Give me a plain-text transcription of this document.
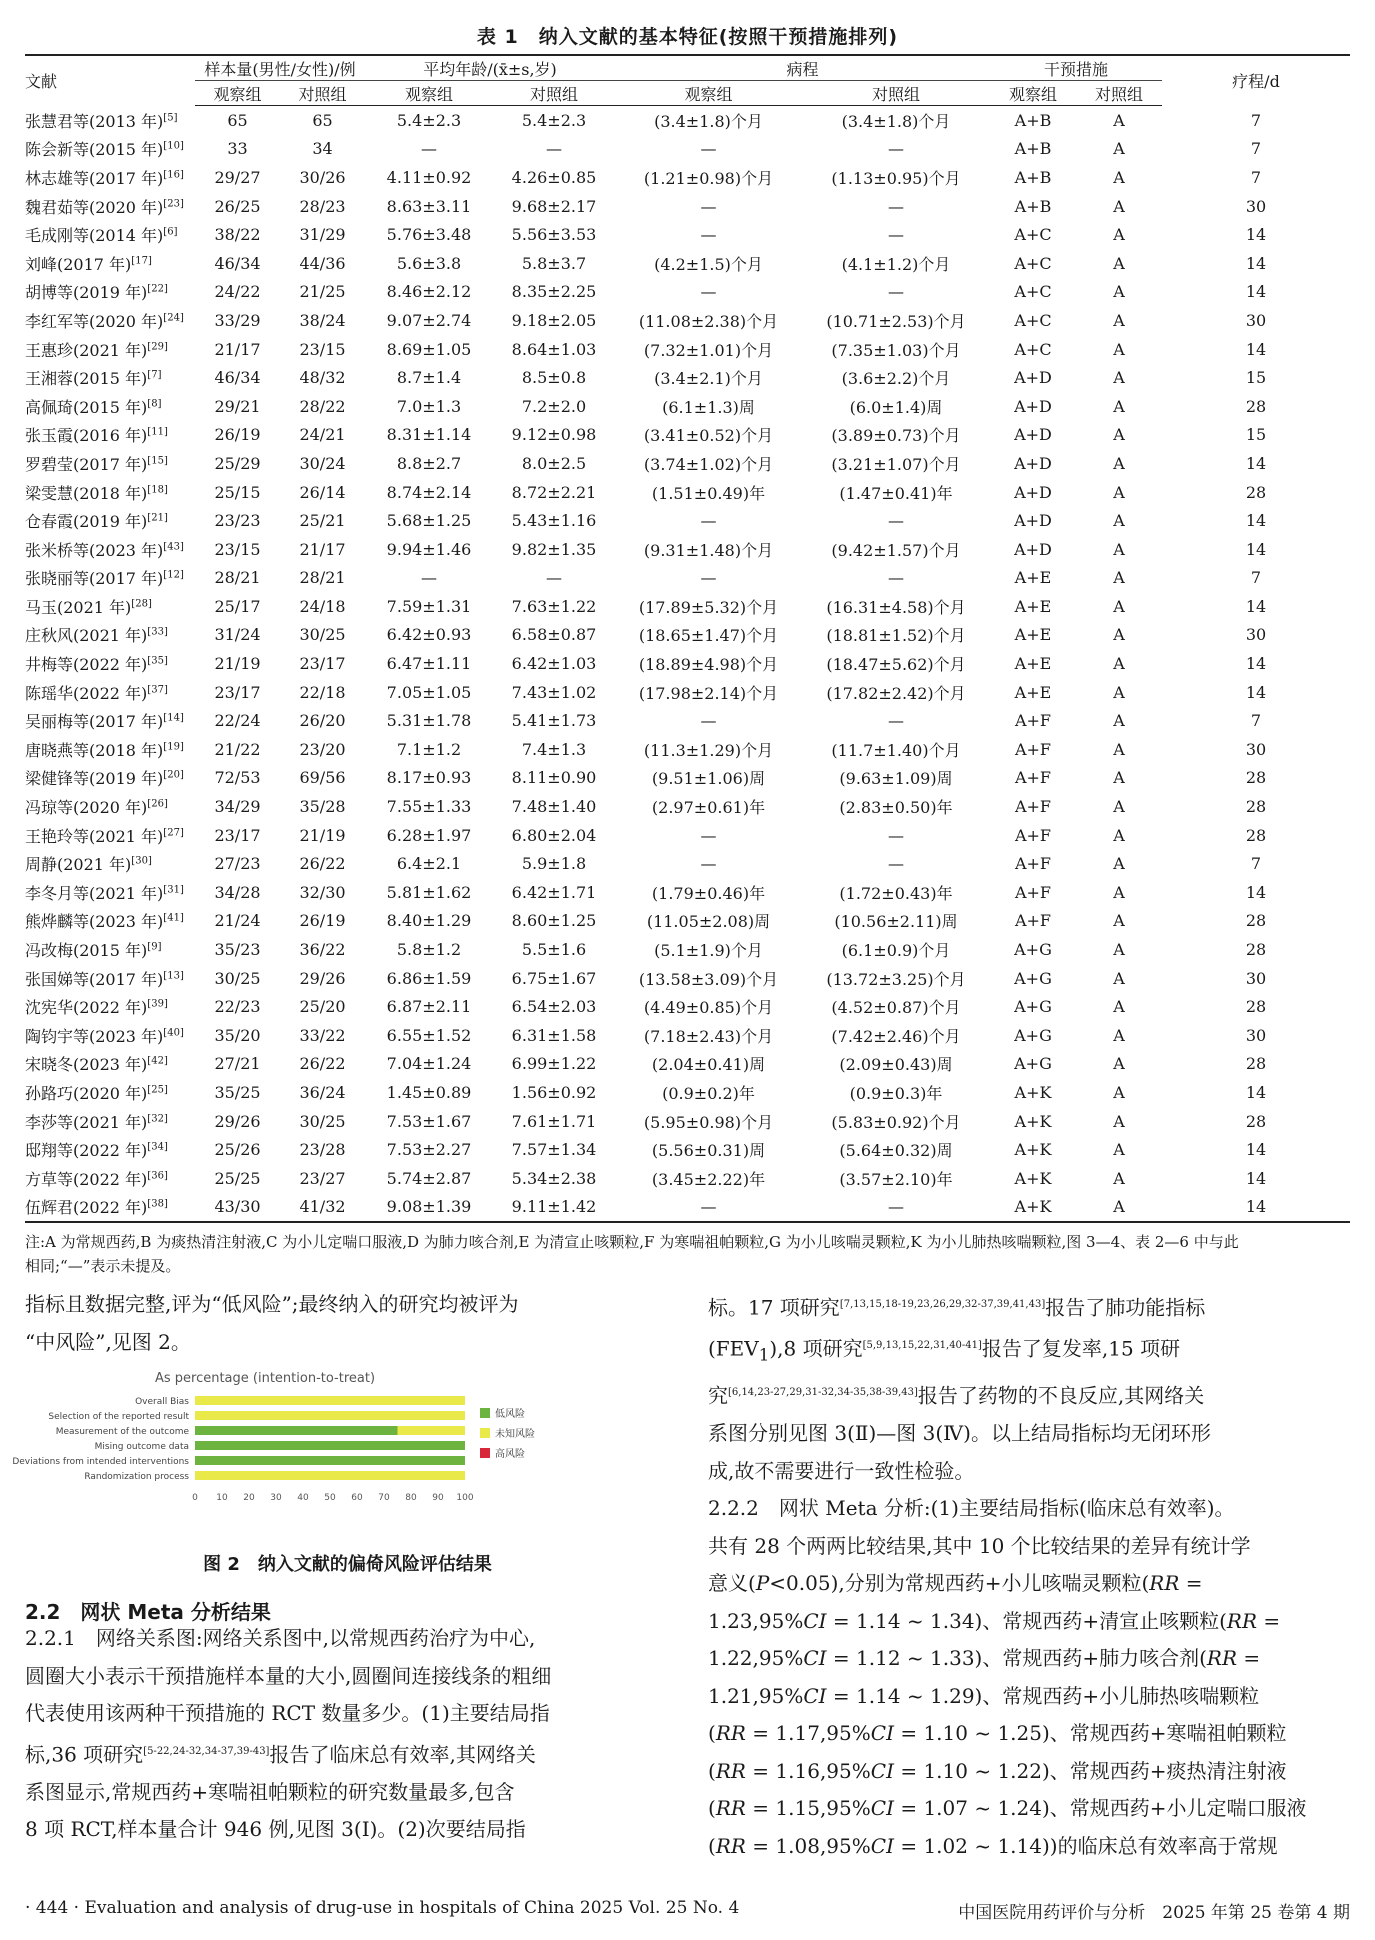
表 1　纳入文献的基本特征(按照干预措施排列)
文献	样本量(男性/女性)/例		平均年龄/(x̄±s,岁)		病程		干预措施		疗程/d
	观察组	对照组	观察组	对照组	观察组	对照组	观察组	对照组	
张慧君等(2013 年)[5]	65	65	5.4±2.3	5.4±2.3	(3.4±1.8)个月	(3.4±1.8)个月	A+B	A	7
陈会新等(2015 年)[10]	33	34	—	—	—	—	A+B	A	7
林志雄等(2017 年)[16]	29/27	30/26	4.11±0.92	4.26±0.85	(1.21±0.98)个月	(1.13±0.95)个月	A+B	A	7
魏君茹等(2020 年)[23]	26/25	28/23	8.63±3.11	9.68±2.17	—	—	A+B	A	30
毛成刚等(2014 年)[6]	38/22	31/29	5.76±3.48	5.56±3.53	—	—	A+C	A	14
刘峰(2017 年)[17]	46/34	44/36	5.6±3.8	5.8±3.7	(4.2±1.5)个月	(4.1±1.2)个月	A+C	A	14
胡博等(2019 年)[22]	24/22	21/25	8.46±2.12	8.35±2.25	—	—	A+C	A	14
李红军等(2020 年)[24]	33/29	38/24	9.07±2.74	9.18±2.05	(11.08±2.38)个月	(10.71±2.53)个月	A+C	A	30
王惠珍(2021 年)[29]	21/17	23/15	8.69±1.05	8.64±1.03	(7.32±1.01)个月	(7.35±1.03)个月	A+C	A	14
王湘蓉(2015 年)[7]	46/34	48/32	8.7±1.4	8.5±0.8	(3.4±2.1)个月	(3.6±2.2)个月	A+D	A	15
高佩琦(2015 年)[8]	29/21	28/22	7.0±1.3	7.2±2.0	(6.1±1.3)周	(6.0±1.4)周	A+D	A	28
张玉霞(2016 年)[11]	26/19	24/21	8.31±1.14	9.12±0.98	(3.41±0.52)个月	(3.89±0.73)个月	A+D	A	15
罗碧莹(2017 年)[15]	25/29	30/24	8.8±2.7	8.0±2.5	(3.74±1.02)个月	(3.21±1.07)个月	A+D	A	14
梁雯慧(2018 年)[18]	25/15	26/14	8.74±2.14	8.72±2.21	(1.51±0.49)年	(1.47±0.41)年	A+D	A	28
仓春霞(2019 年)[21]	23/23	25/21	5.68±1.25	5.43±1.16	—	—	A+D	A	14
张米桥等(2023 年)[43]	23/15	21/17	9.94±1.46	9.82±1.35	(9.31±1.48)个月	(9.42±1.57)个月	A+D	A	14
张晓丽等(2017 年)[12]	28/21	28/21	—	—	—	—	A+E	A	7
马玉(2021 年)[28]	25/17	24/18	7.59±1.31	7.63±1.22	(17.89±5.32)个月	(16.31±4.58)个月	A+E	A	14
庄秋风(2021 年)[33]	31/24	30/25	6.42±0.93	6.58±0.87	(18.65±1.47)个月	(18.81±1.52)个月	A+E	A	30
井梅等(2022 年)[35]	21/19	23/17	6.47±1.11	6.42±1.03	(18.89±4.98)个月	(18.47±5.62)个月	A+E	A	14
陈瑶华(2022 年)[37]	23/17	22/18	7.05±1.05	7.43±1.02	(17.98±2.14)个月	(17.82±2.42)个月	A+E	A	14
吴丽梅等(2017 年)[14]	22/24	26/20	5.31±1.78	5.41±1.73	—	—	A+F	A	7
唐晓燕等(2018 年)[19]	21/22	23/20	7.1±1.2	7.4±1.3	(11.3±1.29)个月	(11.7±1.40)个月	A+F	A	30
梁健锋等(2019 年)[20]	72/53	69/56	8.17±0.93	8.11±0.90	(9.51±1.06)周	(9.63±1.09)周	A+F	A	28
冯琼等(2020 年)[26]	34/29	35/28	7.55±1.33	7.48±1.40	(2.97±0.61)年	(2.83±0.50)年	A+F	A	28
王艳玲等(2021 年)[27]	23/17	21/19	6.28±1.97	6.80±2.04	—	—	A+F	A	28
周静(2021 年)[30]	27/23	26/22	6.4±2.1	5.9±1.8	—	—	A+F	A	7
李冬月等(2021 年)[31]	34/28	32/30	5.81±1.62	6.42±1.71	(1.79±0.46)年	(1.72±0.43)年	A+F	A	14
熊烨麟等(2023 年)[41]	21/24	26/19	8.40±1.29	8.60±1.25	(11.05±2.08)周	(10.56±2.11)周	A+F	A	28
冯改梅(2015 年)[9]	35/23	36/22	5.8±1.2	5.5±1.6	(5.1±1.9)个月	(6.1±0.9)个月	A+G	A	28
张国娣等(2017 年)[13]	30/25	29/26	6.86±1.59	6.75±1.67	(13.58±3.09)个月	(13.72±3.25)个月	A+G	A	30
沈宪华(2022 年)[39]	22/23	25/20	6.87±2.11	6.54±2.03	(4.49±0.85)个月	(4.52±0.87)个月	A+G	A	28
陶钧宇等(2023 年)[40]	35/20	33/22	6.55±1.52	6.31±1.58	(7.18±2.43)个月	(7.42±2.46)个月	A+G	A	30
宋晓冬(2023 年)[42]	27/21	26/22	7.04±1.24	6.99±1.22	(2.04±0.41)周	(2.09±0.43)周	A+G	A	28
孙路巧(2020 年)[25]	35/25	36/24	1.45±0.89	1.56±0.92	(0.9±0.2)年	(0.9±0.3)年	A+K	A	14
李莎等(2021 年)[32]	29/26	30/25	7.53±1.67	7.61±1.71	(5.95±0.98)个月	(5.83±0.92)个月	A+K	A	28
邸翔等(2022 年)[34]	25/26	23/28	7.53±2.27	7.57±1.34	(5.56±0.31)周	(5.64±0.32)周	A+K	A	14
方草等(2022 年)[36]	25/25	23/27	5.74±2.87	5.34±2.38	(3.45±2.22)年	(3.57±2.10)年	A+K	A	14
伍辉君(2022 年)[38]	43/30	41/32	9.08±1.39	9.11±1.42	—	—	A+K	A	14
注:A 为常规西药,B 为痰热清注射液,C 为小儿定喘口服液,D 为肺力咳合剂,E 为清宣止咳颗粒,F 为寒喘祖帕颗粒,G 为小儿咳喘灵颗粒,K 为小儿肺热咳喘颗粒,图 3—4、表 2—6 中与此
相同;“—”表示未提及。

指标且数据完整,评为“低风险”;最终纳入的研究均被评为
“中风险”,见图 2。

As percentage (intention-to-treat)
Overall Bias
Selection of the reported result
Measurement of the outcome
Mising outcome data
Deviations from intended interventions
Randomization process
0 10 20 30 40 50 60 70 80 90 100
低风险
未知风险
高风险
图 2　纳入文献的偏倚风险评估结果
2.2　网状 Meta 分析结果

2.2.1　网络关系图:网络关系图中,以常规西药治疗为中心,
圆圈大小表示干预措施样本量的大小,圆圈间连接线条的粗细
代表使用该两种干预措施的 RCT 数量多少。(1)主要结局指
标,36 项研究[5-22,24-32,34-37,39-43]报告了临床总有效率,其网络关
系图显示,常规西药+寒喘祖帕颗粒的研究数量最多,包含
8 项 RCT,样本量合计 946 例,见图 3(Ⅰ)。(2)次要结局指

标。17 项研究[7,13,15,18-19,23,26,29,32-37,39,41,43]报告了肺功能指标
$(FEV_1),8$ 项研究[5,9,13,15,22,31,40-41]报告了复发率,15 项研
究[6,14,23-27,29,31-32,34-35,38-39,43]报告了药物的不良反应,其网络关
系图分别见图 3(Ⅱ)—图 3(Ⅳ)。以上结局指标均无闭环形
成,故不需要进行一致性检验。
2.2.2　网状 Meta 分析:(1)主要结局指标(临床总有效率)。
共有 28 个两两比较结果,其中 10 个比较结果的差异有统计学
意义(P<0.05),分别为常规西药+小儿咳喘灵颗粒(RR =
1.23,95%CI = 1.14 ~ 1.34)、常规西药+清宣止咳颗粒(RR =
1.22,95%CI = 1.12 ~ 1.33)、常规西药+肺力咳合剂(RR =
1.21,95%CI = 1.14 ~ 1.29)、常规西药+小儿肺热咳喘颗粒
(RR = 1.17,95%CI = 1.10 ~ 1.25)、常规西药+寒喘祖帕颗粒
(RR = 1.16,95%CI = 1.10 ~ 1.22)、常规西药+痰热清注射液
(RR = 1.15,95%CI = 1.07 ~ 1.24)、常规西药+小儿定喘口服液
(RR = 1.08,95%CI = 1.02 ~ 1.14))的临床总有效率高于常规

· 444 · Evaluation and analysis of drug-use in hospitals of China 2025 Vol. 25 No. 4	中国医院用药评价与分析　2025 年第 25 卷第 4 期
